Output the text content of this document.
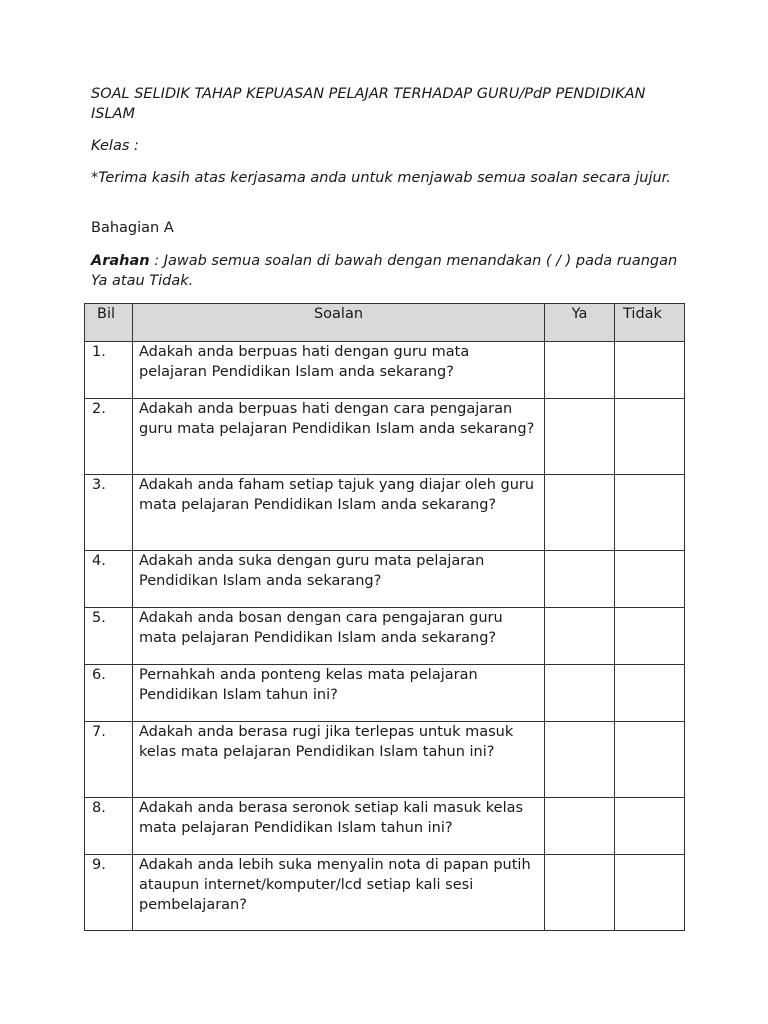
SOAL SELIDIK TAHAP KEPUASAN PELAJAR TERHADAP GURU/PdP PENDIDIKAN ISLAM
Kelas :
*Terima kasih atas kerjasama anda untuk menjawab semua soalan secara jujur.
Bahagian A
Arahan : Jawab semua soalan di bawah dengan menandakan ( / ) pada ruangan Ya atau Tidak.
Bil	Soalan	Ya	Tidak
1.	Adakah anda berpuas hati dengan guru mata pelajaran Pendidikan Islam anda sekarang?		
2.	Adakah anda berpuas hati dengan cara pengajaran guru mata pelajaran Pendidikan Islam anda sekarang?		
3.	Adakah anda faham setiap tajuk yang diajar oleh guru mata pelajaran Pendidikan Islam anda sekarang?		
4.	Adakah anda suka dengan guru mata pelajaran Pendidikan Islam anda sekarang?		
5.	Adakah anda bosan dengan cara pengajaran guru mata pelajaran Pendidikan Islam anda sekarang?		
6.	Pernahkah anda ponteng kelas mata pelajaran Pendidikan Islam tahun ini?		
7.	Adakah anda berasa rugi jika terlepas untuk masuk kelas mata pelajaran Pendidikan Islam tahun ini?		
8.	Adakah anda berasa seronok setiap kali masuk kelas mata pelajaran Pendidikan Islam tahun ini?		
9.	Adakah anda lebih suka menyalin nota di papan putih ataupun internet/komputer/lcd setiap kali sesi pembelajaran?		
